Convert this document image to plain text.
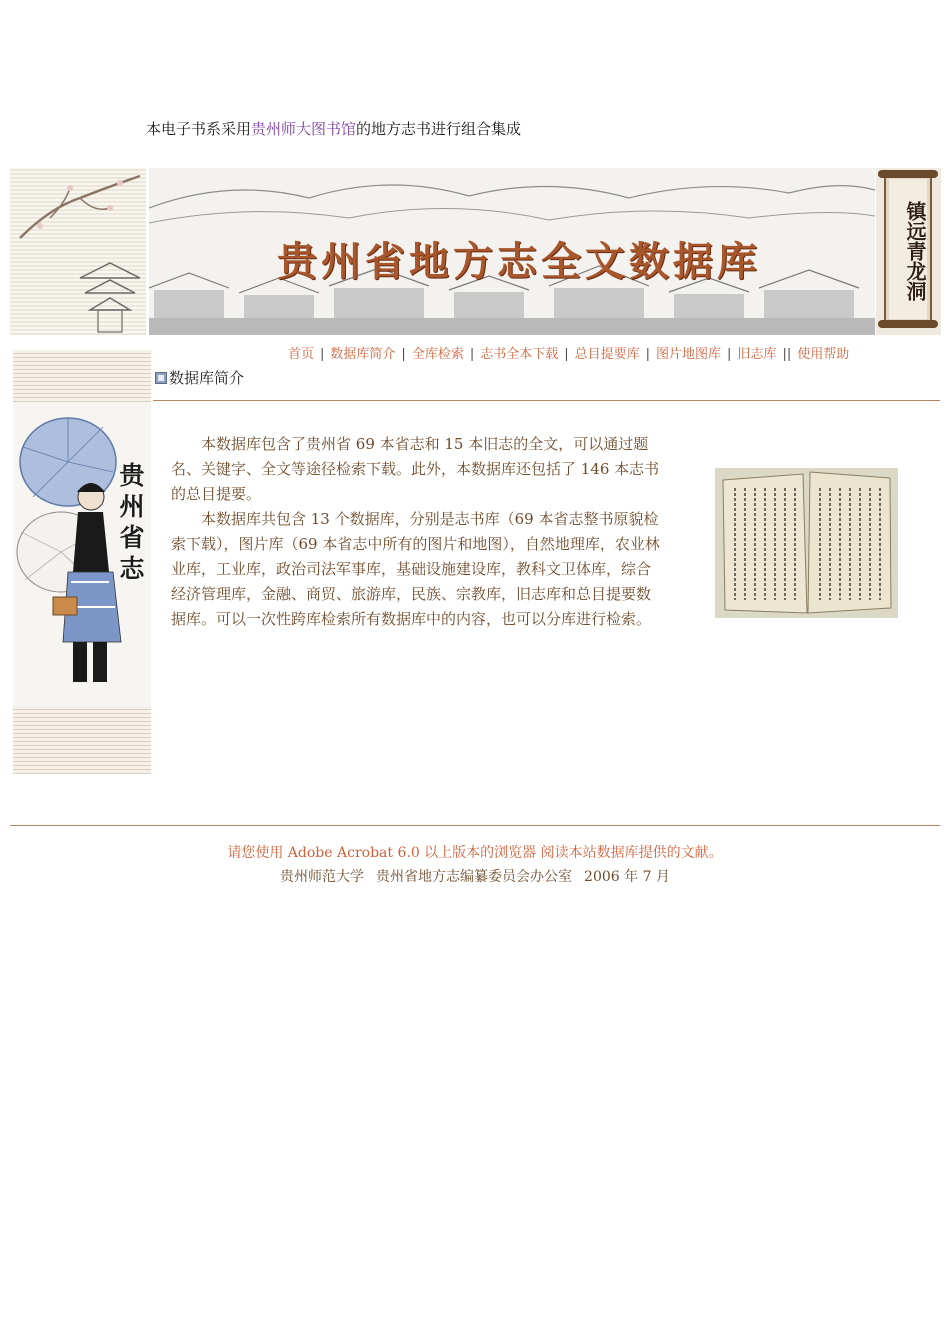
本电子书系采用贵州师大图书馆的地方志书进行组合集成
贵州省地方志全文数据库	镇远青龙洞
贵州省志
首页 | 数据库简介 | 全库检索 | 志书全本下载 | 总目提要库 | 图片地图库 | 旧志库 || 使用帮助
数据库简介

本数据库包含了贵州省 69 本省志和 15 本旧志的全文，可以通过题名、关键字、全文等途径检索下载。此外，本数据库还包括了 146 本志书的总目提要。

本数据库共包含 13 个数据库，分别是志书库（69 本省志整书原貌检索下载），图片库（69 本省志中所有的图片和地图），自然地理库，农业林业库，工业库，政治司法军事库，基础设施建设库，教科文卫体库，综合经济管理库，金融、商贸、旅游库，民族、宗教库，旧志库和总目提要数据库。可以一次性跨库检索所有数据库中的内容，也可以分库进行检索。

请您使用 Adobe Acrobat 6.0 以上版本的浏览器 阅读本站数据库提供的文献。
贵州师范大学 贵州省地方志编纂委员会办公室 2006 年 7 月
